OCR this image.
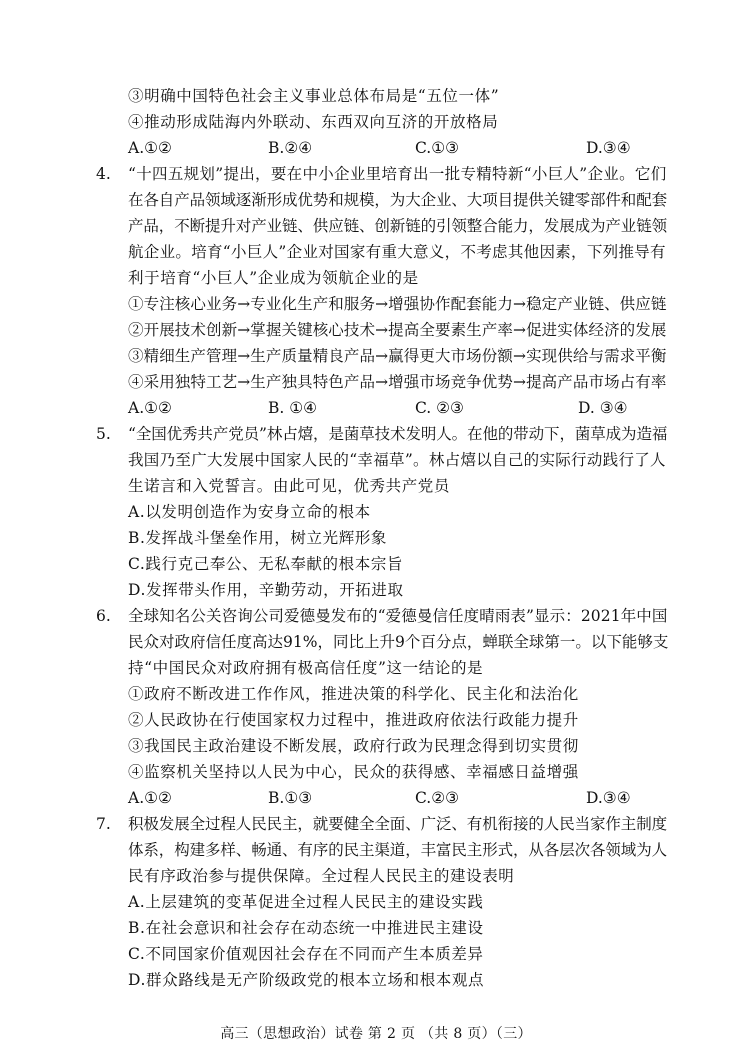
③明确中国特色社会主义事业总体布局是“五位一体”
④推动形成陆海内外联动、东西双向互济的开放格局
A.①②	B.②④	C.①③	D.③④
4. “十四五规划”提出，要在中小企业里培育出一批专精特新“小巨人”企业。它们
在各自产品领域逐渐形成优势和规模，为大企业、大项目提供关键零部件和配套
产品，不断提升对产业链、供应链、创新链的引领整合能力，发展成为产业链领
航企业。培育“小巨人”企业对国家有重大意义，不考虑其他因素，下列推导有
利于培育“小巨人”企业成为领航企业的是
①专注核心业务→专业化生产和服务→增强协作配套能力→稳定产业链、供应链
②开展技术创新→掌握关键核心技术→提高全要素生产率→促进实体经济的发展
③精细生产管理→生产质量精良产品→赢得更大市场份额→实现供给与需求平衡
④采用独特工艺→生产独具特色产品→增强市场竞争优势→提高产品市场占有率
A.①②	B. ①④	C. ②③	D. ③④
5. “全国优秀共产党员”林占熺，是菌草技术发明人。在他的带动下，菌草成为造福
我国乃至广大发展中国家人民的“幸福草”。林占熺以自己的实际行动践行了人
生诺言和入党誓言。由此可见，优秀共产党员
A.以发明创造作为安身立命的根本
B.发挥战斗堡垒作用，树立光辉形象
C.践行克己奉公、无私奉献的根本宗旨
D.发挥带头作用，辛勤劳动，开拓进取
6. 全球知名公关咨询公司爱德曼发布的“爱德曼信任度晴雨表”显示：2021年中国
民众对政府信任度高达91%，同比上升9个百分点，蝉联全球第一。以下能够支
持“中国民众对政府拥有极高信任度”这一结论的是
①政府不断改进工作作风，推进决策的科学化、民主化和法治化
②人民政协在行使国家权力过程中，推进政府依法行政能力提升
③我国民主政治建设不断发展，政府行政为民理念得到切实贯彻
④监察机关坚持以人民为中心，民众的获得感、幸福感日益增强
A.①②	B.①③	C.②③	D.③④
7. 积极发展全过程人民民主，就要健全全面、广泛、有机衔接的人民当家作主制度
体系，构建多样、畅通、有序的民主渠道，丰富民主形式，从各层次各领域为人
民有序政治参与提供保障。全过程人民民主的建设表明
A.上层建筑的变革促进全过程人民民主的建设实践
B.在社会意识和社会存在动态统一中推进民主建设
C.不同国家价值观因社会存在不同而产生本质差异
D.群众路线是无产阶级政党的根本立场和根本观点
高三（思想政治）试卷 第 2 页 （共 8 页）（三）
